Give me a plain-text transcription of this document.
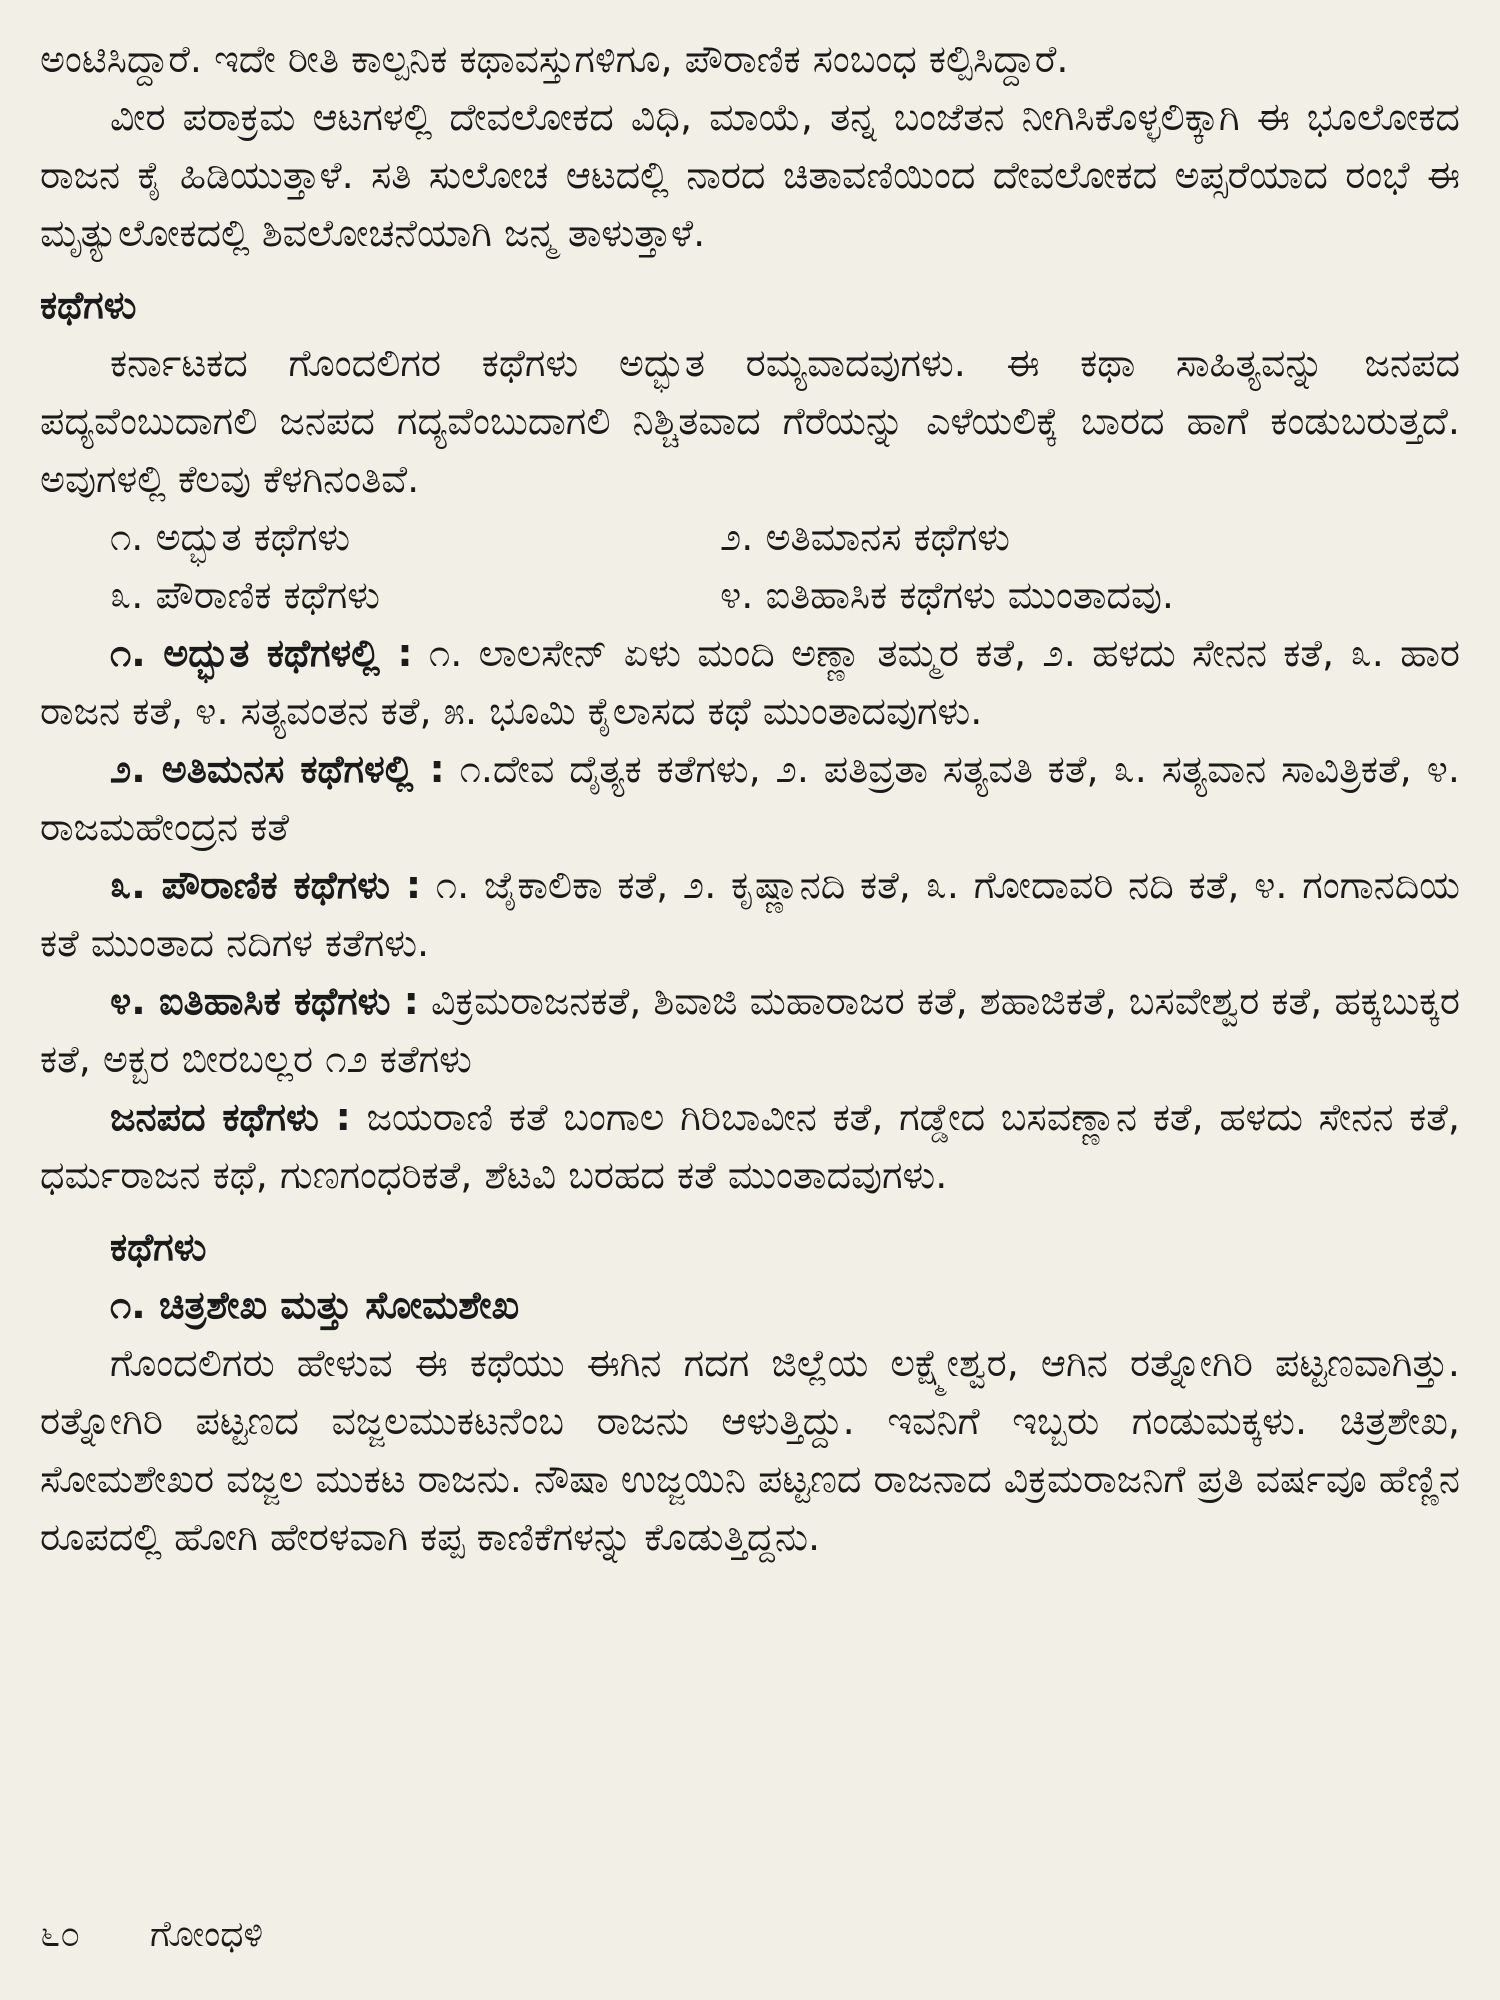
ಅಂಟಿಸಿದ್ದಾರೆ. ಇದೇ ರೀತಿ ಕಾಲ್ಪನಿಕ ಕಥಾವಸ್ತುಗಳಿಗೂ, ಪೌರಾಣಿಕ ಸಂಬಂಧ ಕಲ್ಪಿಸಿದ್ದಾರೆ.

ವೀರ ಪರಾಕ್ರಮ ಆಟಗಳಲ್ಲಿ ದೇವಲೋಕದ ವಿಧಿ, ಮಾಯೆ, ತನ್ನ ಬಂಜೆತನ ನೀಗಿಸಿಕೊಳ್ಳಲಿಕ್ಕಾಗಿ ಈ ಭೂಲೋಕದ ರಾಜನ ಕೈ ಹಿಡಿಯುತ್ತಾಳೆ. ಸತಿ ಸುಲೋಚ ಆಟದಲ್ಲಿ ನಾರದ ಚಿತಾವಣಿಯಿಂದ ದೇವಲೋಕದ ಅಪ್ಸರೆಯಾದ ರಂಭೆ ಈ ಮೃತ್ಯುಲೋಕದಲ್ಲಿ ಶಿವಲೋಚನೆಯಾಗಿ ಜನ್ಮ ತಾಳುತ್ತಾಳೆ.

ಕಥೆಗಳು

ಕರ್ನಾಟಕದ ಗೊಂದಲಿಗರ ಕಥೆಗಳು ಅದ್ಭುತ ರಮ್ಯವಾದವುಗಳು. ಈ ಕಥಾ ಸಾಹಿತ್ಯವನ್ನು ಜನಪದ ಪದ್ಯವೆಂಬುದಾಗಲಿ ಜನಪದ ಗದ್ಯವೆಂಬುದಾಗಲಿ ನಿಶ್ಚಿತವಾದ ಗೆರೆಯನ್ನು ಎಳೆಯಲಿಕ್ಕೆ ಬಾರದ ಹಾಗೆ ಕಂಡುಬರುತ್ತದೆ. ಅವುಗಳಲ್ಲಿ ಕೆಲವು ಕೆಳಗಿನಂತಿವೆ.

೧. ಅದ್ಭುತ ಕಥೆಗಳು	೨. ಅತಿಮಾನಸ ಕಥೆಗಳು
೩. ಪೌರಾಣಿಕ ಕಥೆಗಳು	೪. ಐತಿಹಾಸಿಕ ಕಥೆಗಳು ಮುಂತಾದವು.

೧. ಅದ್ಭುತ ಕಥೆಗಳಲ್ಲಿ : ೧. ಲಾಲಸೇನ್ ಏಳು ಮಂದಿ ಅಣ್ಣಾ ತಮ್ಮರ ಕತೆ, ೨. ಹಳದು ಸೇನನ ಕತೆ, ೩. ಹಾರ ರಾಜನ ಕತೆ, ೪. ಸತ್ಯವಂತನ ಕತೆ, ೫. ಭೂಮಿ ಕೈಲಾಸದ ಕಥೆ ಮುಂತಾದವುಗಳು.

೨. ಅತಿಮನಸ ಕಥೆಗಳಲ್ಲಿ : ೧.ದೇವ ದೈತ್ಯಕ ಕತೆಗಳು, ೨. ಪತಿವ್ರತಾ ಸತ್ಯವತಿ ಕತೆ, ೩. ಸತ್ಯವಾನ ಸಾವಿತ್ರಿಕತೆ, ೪. ರಾಜಮಹೇಂದ್ರನ ಕತೆ

೩. ಪೌರಾಣಿಕ ಕಥೆಗಳು : ೧. ಜೈಕಾಲಿಕಾ ಕತೆ, ೨. ಕೃಷ್ಣಾನದಿ ಕತೆ, ೩. ಗೋದಾವರಿ ನದಿ ಕತೆ, ೪. ಗಂಗಾನದಿಯ ಕತೆ ಮುಂತಾದ ನದಿಗಳ ಕತೆಗಳು.

೪. ಐತಿಹಾಸಿಕ ಕಥೆಗಳು : ವಿಕ್ರಮರಾಜನಕತೆ, ಶಿವಾಜಿ ಮಹಾರಾಜರ ಕತೆ, ಶಹಾಜಿಕತೆ, ಬಸವೇಶ್ವರ ಕತೆ, ಹಕ್ಕಬುಕ್ಕರ ಕತೆ, ಅಕ್ಬರ ಬೀರಬಲ್ಲರ ೧೨ ಕತೆಗಳು

ಜನಪದ ಕಥೆಗಳು : ಜಯರಾಣಿ ಕತೆ ಬಂಗಾಲ ಗಿರಿಬಾವೀನ ಕತೆ, ಗಡ್ಡೇದ ಬಸವಣ್ಣಾನ ಕತೆ, ಹಳದು ಸೇನನ ಕತೆ, ಧರ್ಮರಾಜನ ಕಥೆ, ಗುಣಗಂಧರಿಕತೆ, ಶೆಟವಿ ಬರಹದ ಕತೆ ಮುಂತಾದವುಗಳು.

ಕಥೆಗಳು
೧. ಚಿತ್ರಶೇಖ ಮತ್ತು ಸೋಮಶೇಖ

ಗೊಂದಲಿಗರು ಹೇಳುವ ಈ ಕಥೆಯು ಈಗಿನ ಗದಗ ಜಿಲ್ಲೆಯ ಲಕ್ಷ್ಮೇಶ್ವರ, ಆಗಿನ ರತ್ನೋಗಿರಿ ಪಟ್ಟಣವಾಗಿತ್ತು. ರತ್ನೋಗಿರಿ ಪಟ್ಟಣದ ವಜ್ಜಲಮುಕಟನೆಂಬ ರಾಜನು ಆಳುತ್ತಿದ್ದು. ಇವನಿಗೆ ಇಬ್ಬರು ಗಂಡುಮಕ್ಕಳು. ಚಿತ್ರಶೇಖ, ಸೋಮಶೇಖರ ವಜ್ಜಲ ಮುಕಟ ರಾಜನು. ನೌಷಾ ಉಜ್ಜಯಿನಿ ಪಟ್ಟಣದ ರಾಜನಾದ ವಿಕ್ರಮರಾಜನಿಗೆ ಪ್ರತಿ ವರ್ಷವೂ ಹೆಣ್ಣಿನ ರೂಪದಲ್ಲಿ ಹೋಗಿ ಹೇರಳವಾಗಿ ಕಪ್ಪ ಕಾಣಿಕೆಗಳನ್ನು ಕೊಡುತ್ತಿದ್ದನು.

೬೦ ಗೋಂಧಳಿ
